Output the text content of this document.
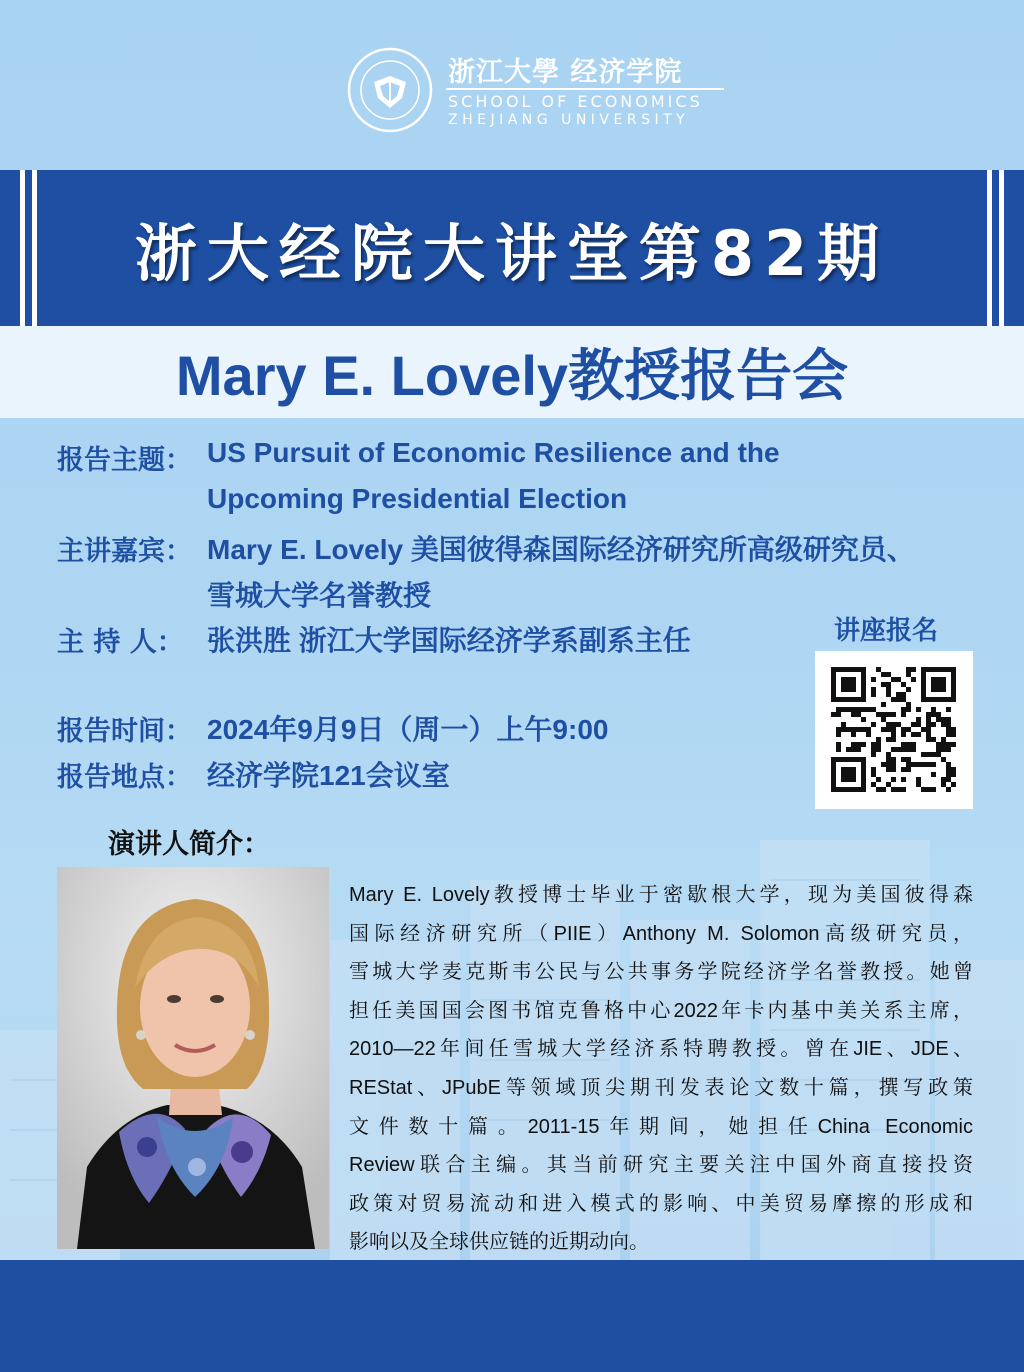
浙江大學 经济学院
SCHOOL OF ECONOMICS
ZHEJIANG UNIVERSITY
浙大经院大讲堂第82期
Mary E. Lovely教授报告会
报告主题： US Pursuit of Economic Resilience and the
Upcoming Presidential Election
主讲嘉宾： Mary E. Lovely 美国彼得森国际经济研究所高级研究员、
雪城大学名誉教授
主 持 人： 张洪胜 浙江大学国际经济学系副系主任
报告时间： 2024年9月9日（周一）上午9:00
报告地点： 经济学院121会议室
讲座报名
演讲人简介：
Mary E. Lovely教授博士毕业于密歇根大学，现为美国彼得森
国际经济研究所（PIIE）Anthony M. Solomon高级研究员，
雪城大学麦克斯韦公民与公共事务学院经济学名誉教授。她曾
担任美国国会图书馆克鲁格中心2022年卡内基中美关系主席，
2010—22年间任雪城大学经济系特聘教授。曾在JIE、JDE、
REStat、JPubE等领域顶尖期刊发表论文数十篇，撰写政策
文件数十篇。2011-15年期间，她担任China Economic
Review联合主编。其当前研究主要关注中国外商直接投资
政策对贸易流动和进入模式的影响、中美贸易摩擦的形成和
影响以及全球供应链的近期动向。
